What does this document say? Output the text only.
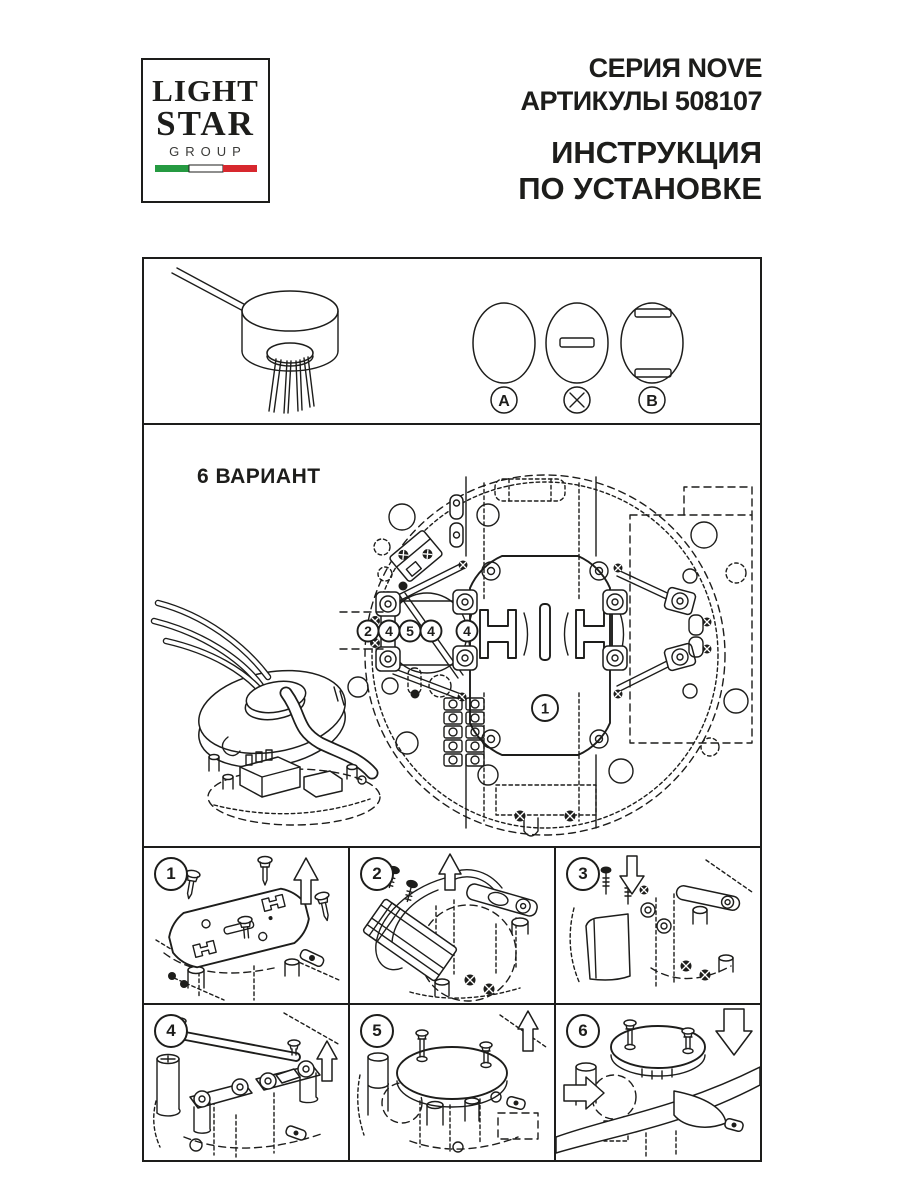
LIGHT
STAR
GROUP
СЕРИЯ NOVE
АРТИКУЛЫ 508107
ИНСТРУКЦИЯ
ПО УСТАНОВКЕ
A	B
6 ВАРИАНТ
2 4 5 4 4
1
1	2	3
4	5	6
